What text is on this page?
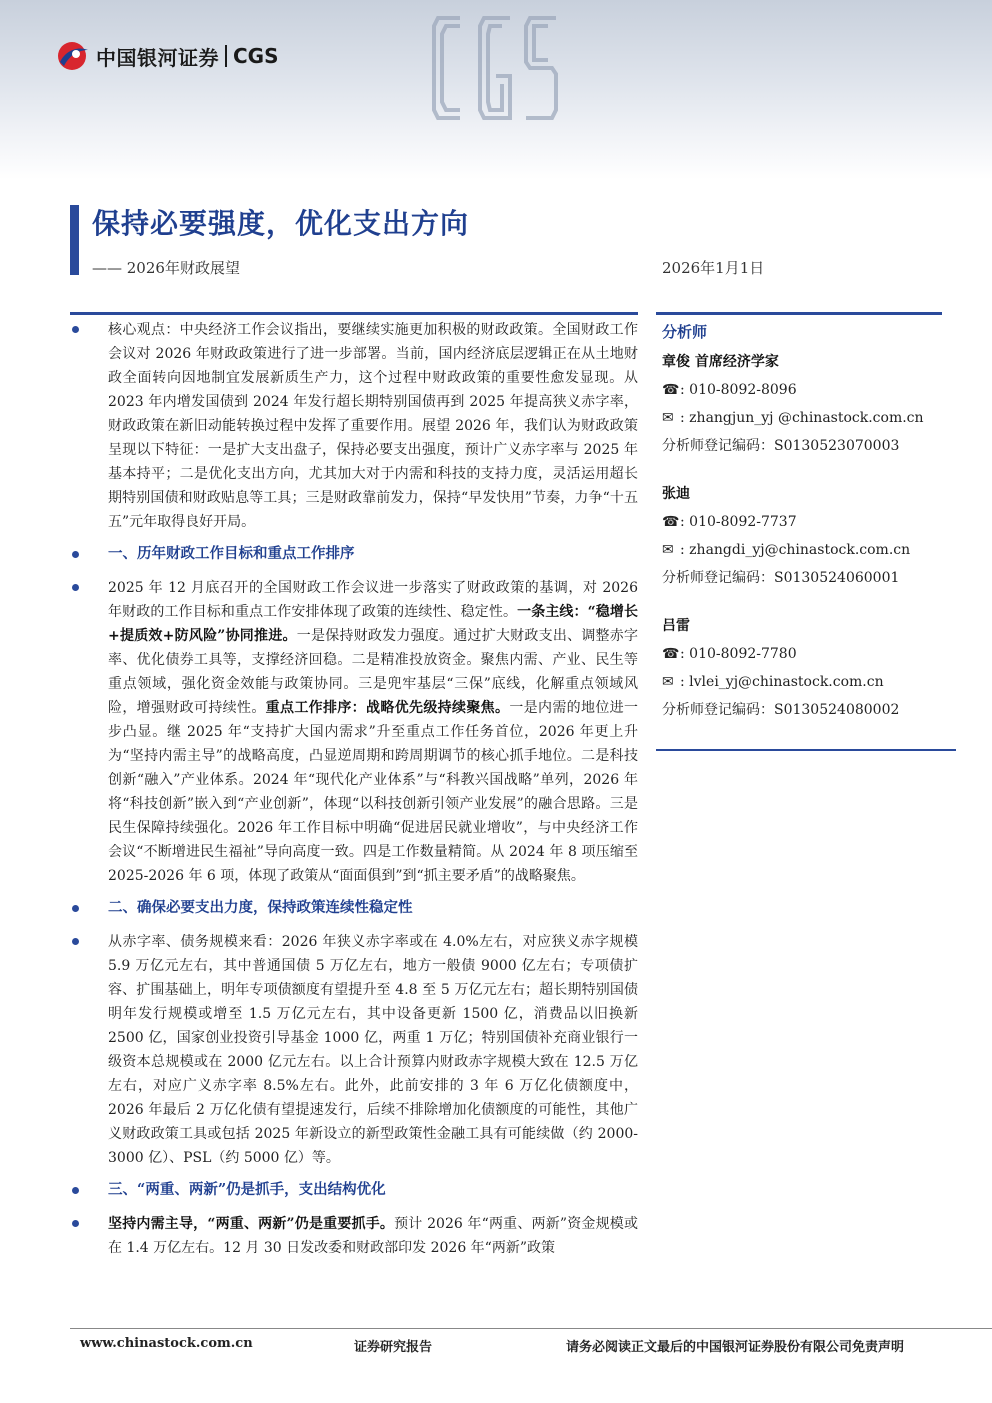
中国银河证券 CGS
保持必要强度，优化支出方向
—— 2026年财政展望	2026年1月1日
核心观点：中央经济工作会议指出，要继续实施更加积极的财政政策。全国财政工作会议对 2026 年财政政策进行了进一步部署。当前，国内经济底层逻辑正在从土地财政全面转向因地制宜发展新质生产力，这个过程中财政政策的重要性愈发显现。从 2023 年内增发国债到 2024 年发行超长期特别国债再到 2025 年提高狭义赤字率，财政政策在新旧动能转换过程中发挥了重要作用。展望 2026 年，我们认为财政政策呈现以下特征：一是扩大支出盘子，保持必要支出强度，预计广义赤字率与 2025 年基本持平；二是优化支出方向，尤其加大对于内需和科技的支持力度，灵活运用超长期特别国债和财政贴息等工具；三是财政靠前发力，保持“早发快用”节奏，力争“十五五”元年取得良好开局。
一、历年财政工作目标和重点工作排序
2025 年 12 月底召开的全国财政工作会议进一步落实了财政政策的基调，对 2026 年财政的工作目标和重点工作安排体现了政策的连续性、稳定性。一条主线：“稳增长+提质效+防风险”协同推进。一是保持财政发力强度。通过扩大财政支出、调整赤字率、优化债券工具等，支撑经济回稳。二是精准投放资金。聚焦内需、产业、民生等重点领域，强化资金效能与政策协同。三是兜牢基层“三保”底线，化解重点领域风险，增强财政可持续性。重点工作排序：战略优先级持续聚焦。一是内需的地位进一步凸显。继 2025 年“支持扩大国内需求”升至重点工作任务首位，2026 年更上升为“坚持内需主导”的战略高度，凸显逆周期和跨周期调节的核心抓手地位。二是科技创新“融入”产业体系。2024 年“现代化产业体系”与“科教兴国战略”单列，2026 年将“科技创新”嵌入到“产业创新”，体现“以科技创新引领产业发展”的融合思路。三是民生保障持续强化。2026 年工作目标中明确“促进居民就业增收”，与中央经济工作会议“不断增进民生福祉”导向高度一致。四是工作数量精简。从 2024 年 8 项压缩至 2025-2026 年 6 项，体现了政策从“面面俱到”到“抓主要矛盾”的战略聚焦。
二、确保必要支出力度，保持政策连续性稳定性
从赤字率、债务规模来看：2026 年狭义赤字率或在 4.0%左右，对应狭义赤字规模 5.9 万亿元左右，其中普通国债 5 万亿左右，地方一般债 9000 亿左右；专项债扩容、扩围基础上，明年专项债额度有望提升至 4.8 至 5 万亿元左右；超长期特别国债明年发行规模或增至 1.5 万亿元左右，其中设备更新 1500 亿，消费品以旧换新 2500 亿，国家创业投资引导基金 1000 亿，两重 1 万亿；特别国债补充商业银行一级资本总规模或在 2000 亿元左右。以上合计预算内财政赤字规模大致在 12.5 万亿左右，对应广义赤字率 8.5%左右。此外，此前安排的 3 年 6 万亿化债额度中，2026 年最后 2 万亿化债有望提速发行，后续不排除增加化债额度的可能性，其他广义财政政策工具或包括 2025 年新设立的新型政策性金融工具有可能续做（约 2000-3000 亿）、PSL（约 5000 亿）等。
三、“两重、两新”仍是抓手，支出结构优化
坚持内需主导，“两重、两新”仍是重要抓手。预计 2026 年“两重、两新”资金规模或在 1.4 万亿左右。12 月 30 日发改委和财政部印发 2026 年“两新”政策
分析师
章俊 首席经济学家
☎: 010-8092-8096
✉ : zhangjun_yj @chinastock.com.cn
分析师登记编码：S0130523070003
张迪
☎: 010-8092-7737
✉ : zhangdi_yj@chinastock.com.cn
分析师登记编码：S0130524060001
吕雷
☎: 010-8092-7780
✉ : lvlei_yj@chinastock.com.cn
分析师登记编码：S0130524080002
www.chinastock.com.cn	证券研究报告	请务必阅读正文最后的中国银河证券股份有限公司免责声明
